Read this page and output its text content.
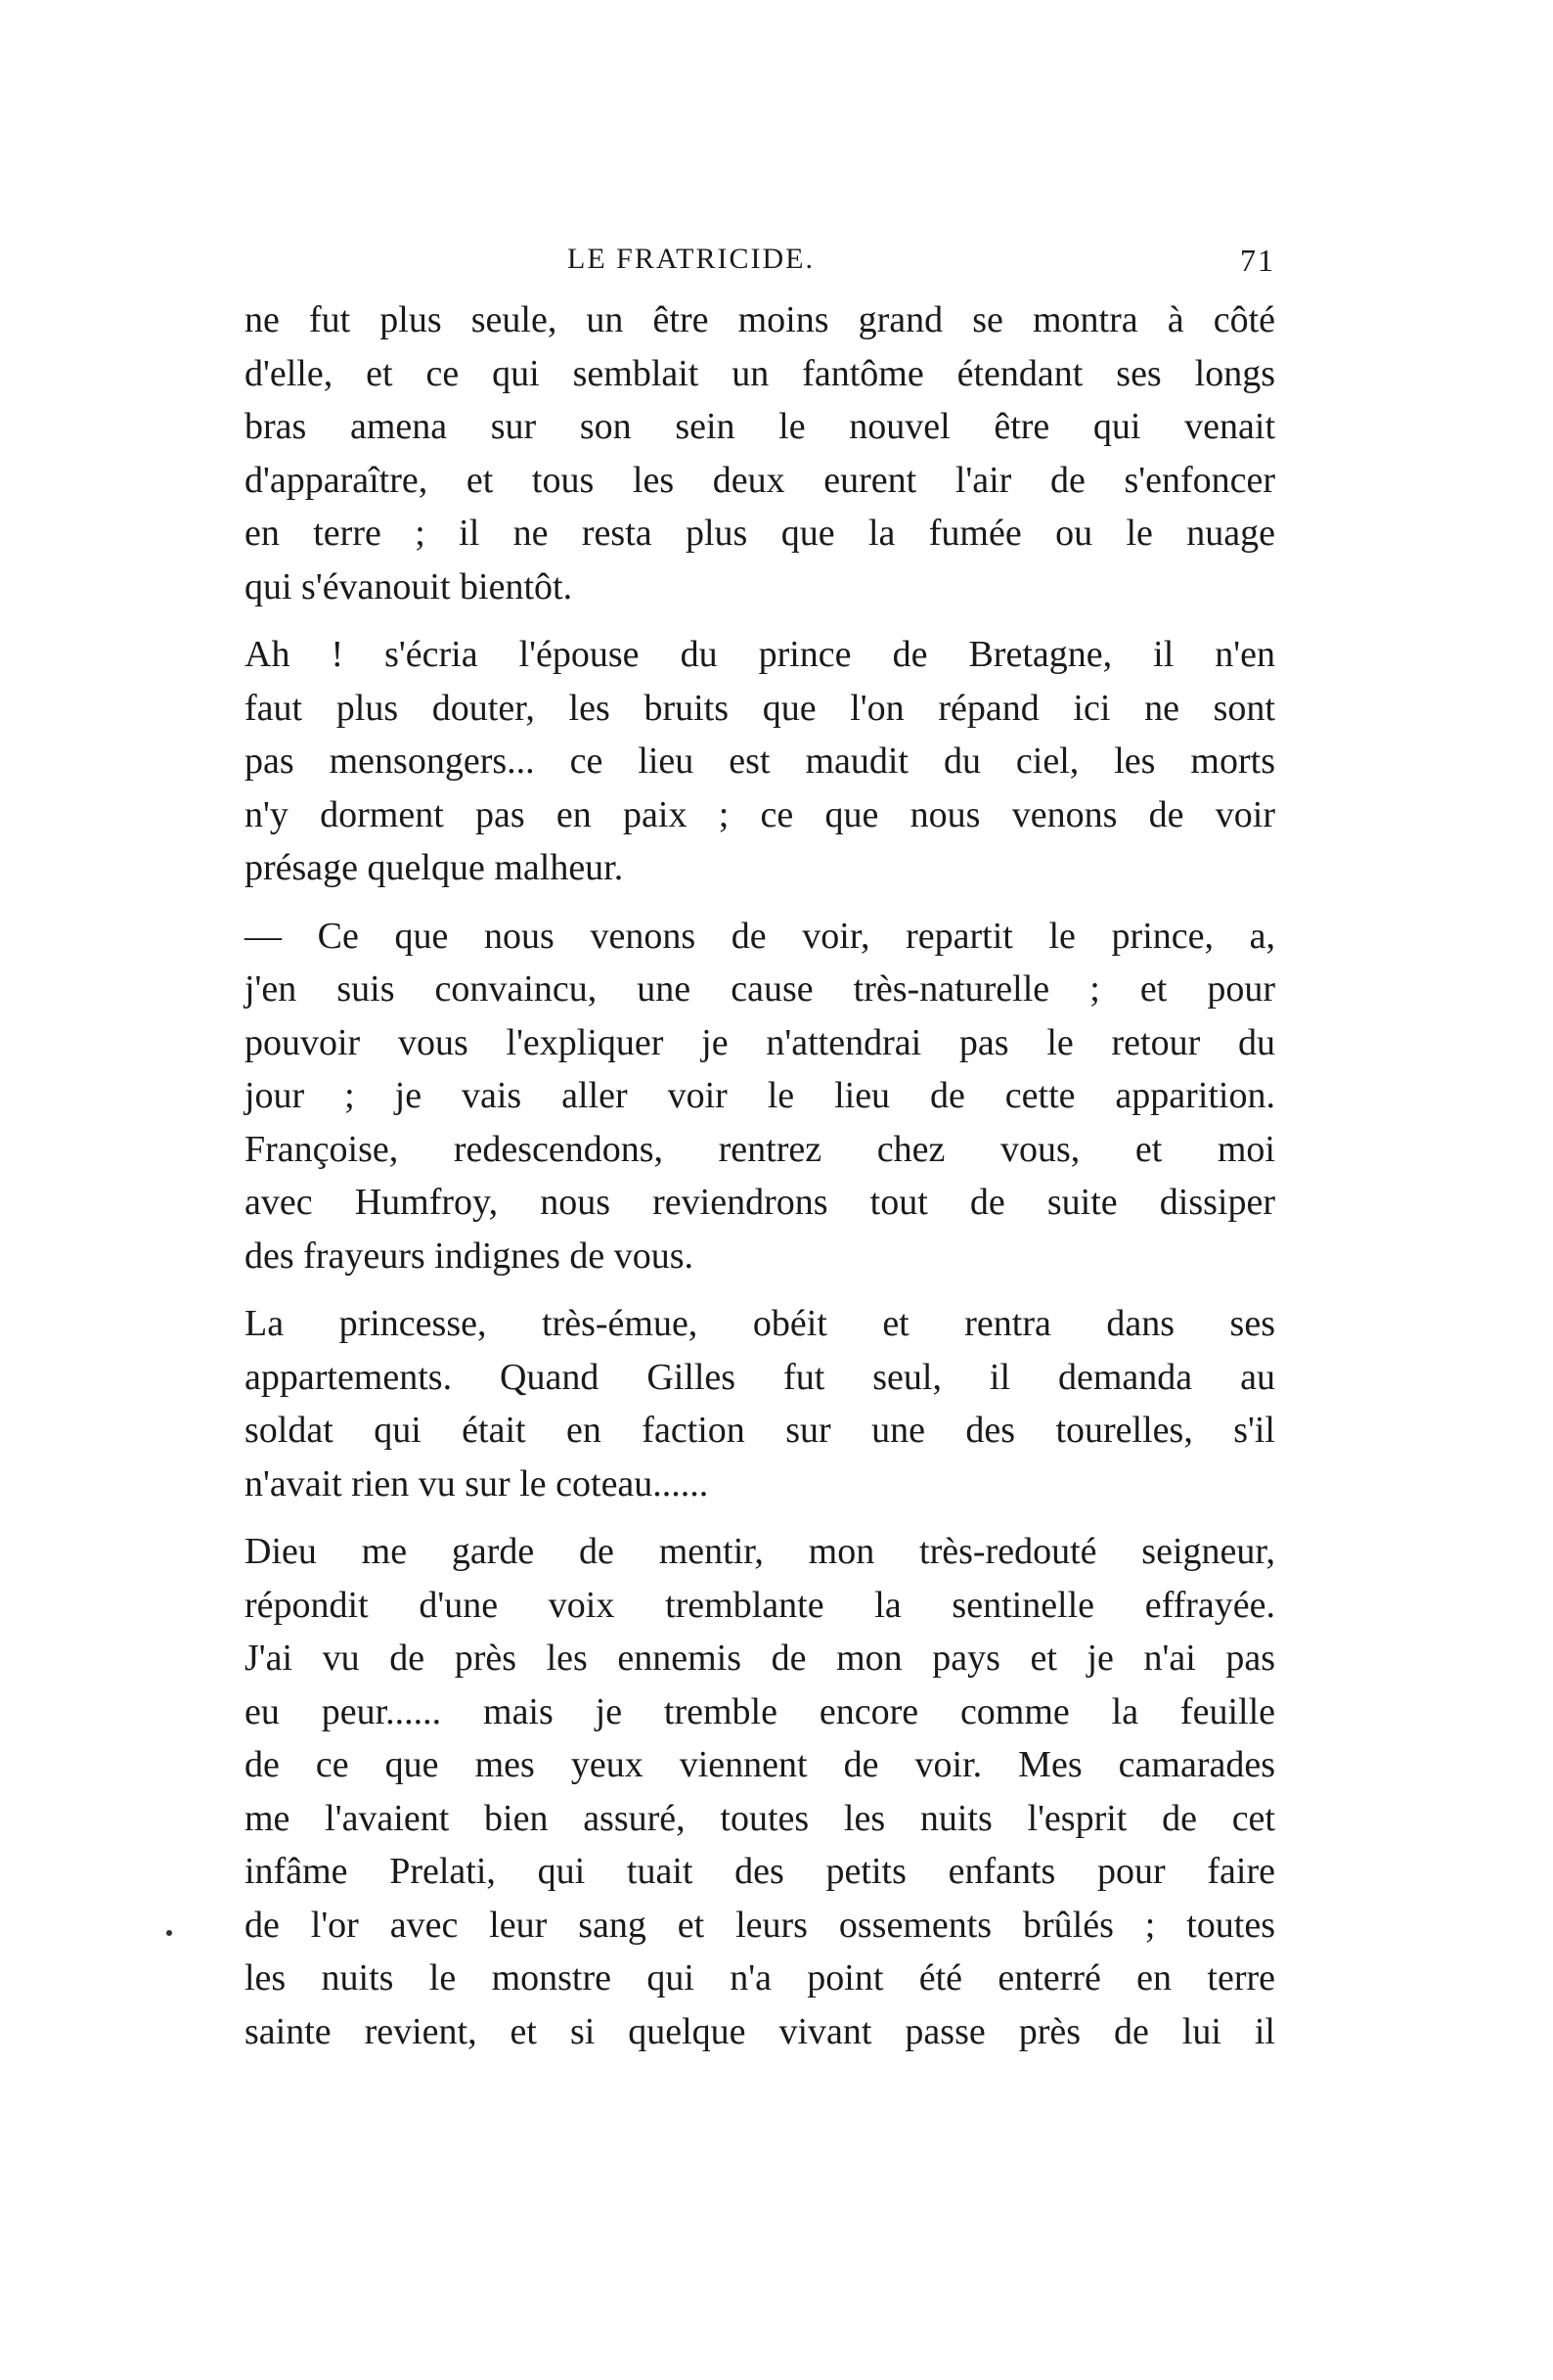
LE FRATRICIDE.	71
ne fut plus seule, un être moins grand se montra à côté
d'elle, et ce qui semblait un fantôme étendant ses longs
bras amena sur son sein le nouvel être qui venait
d'apparaître, et tous les deux eurent l'air de s'enfoncer
en terre ; il ne resta plus que la fumée ou le nuage
qui s'évanouit bientôt.
Ah ! s'écria l'épouse du prince de Bretagne, il n'en
faut plus douter, les bruits que l'on répand ici ne sont
pas mensongers... ce lieu est maudit du ciel, les morts
n'y dorment pas en paix ; ce que nous venons de voir
présage quelque malheur.
— Ce que nous venons de voir, repartit le prince, a,
j'en suis convaincu, une cause très-naturelle ; et pour
pouvoir vous l'expliquer je n'attendrai pas le retour du
jour ; je vais aller voir le lieu de cette apparition.
Françoise, redescendons, rentrez chez vous, et moi
avec Humfroy, nous reviendrons tout de suite dissiper
des frayeurs indignes de vous.
La princesse, très-émue, obéit et rentra dans ses
appartements. Quand Gilles fut seul, il demanda au
soldat qui était en faction sur une des tourelles, s'il
n'avait rien vu sur le coteau......
Dieu me garde de mentir, mon très-redouté seigneur,
répondit d'une voix tremblante la sentinelle effrayée.
J'ai vu de près les ennemis de mon pays et je n'ai pas
eu peur...... mais je tremble encore comme la feuille
de ce que mes yeux viennent de voir. Mes camarades
me l'avaient bien assuré, toutes les nuits l'esprit de cet
infâme Prelati, qui tuait des petits enfants pour faire
de l'or avec leur sang et leurs ossements brûlés ; toutes
les nuits le monstre qui n'a point été enterré en terre
sainte revient, et si quelque vivant passe près de lui il
